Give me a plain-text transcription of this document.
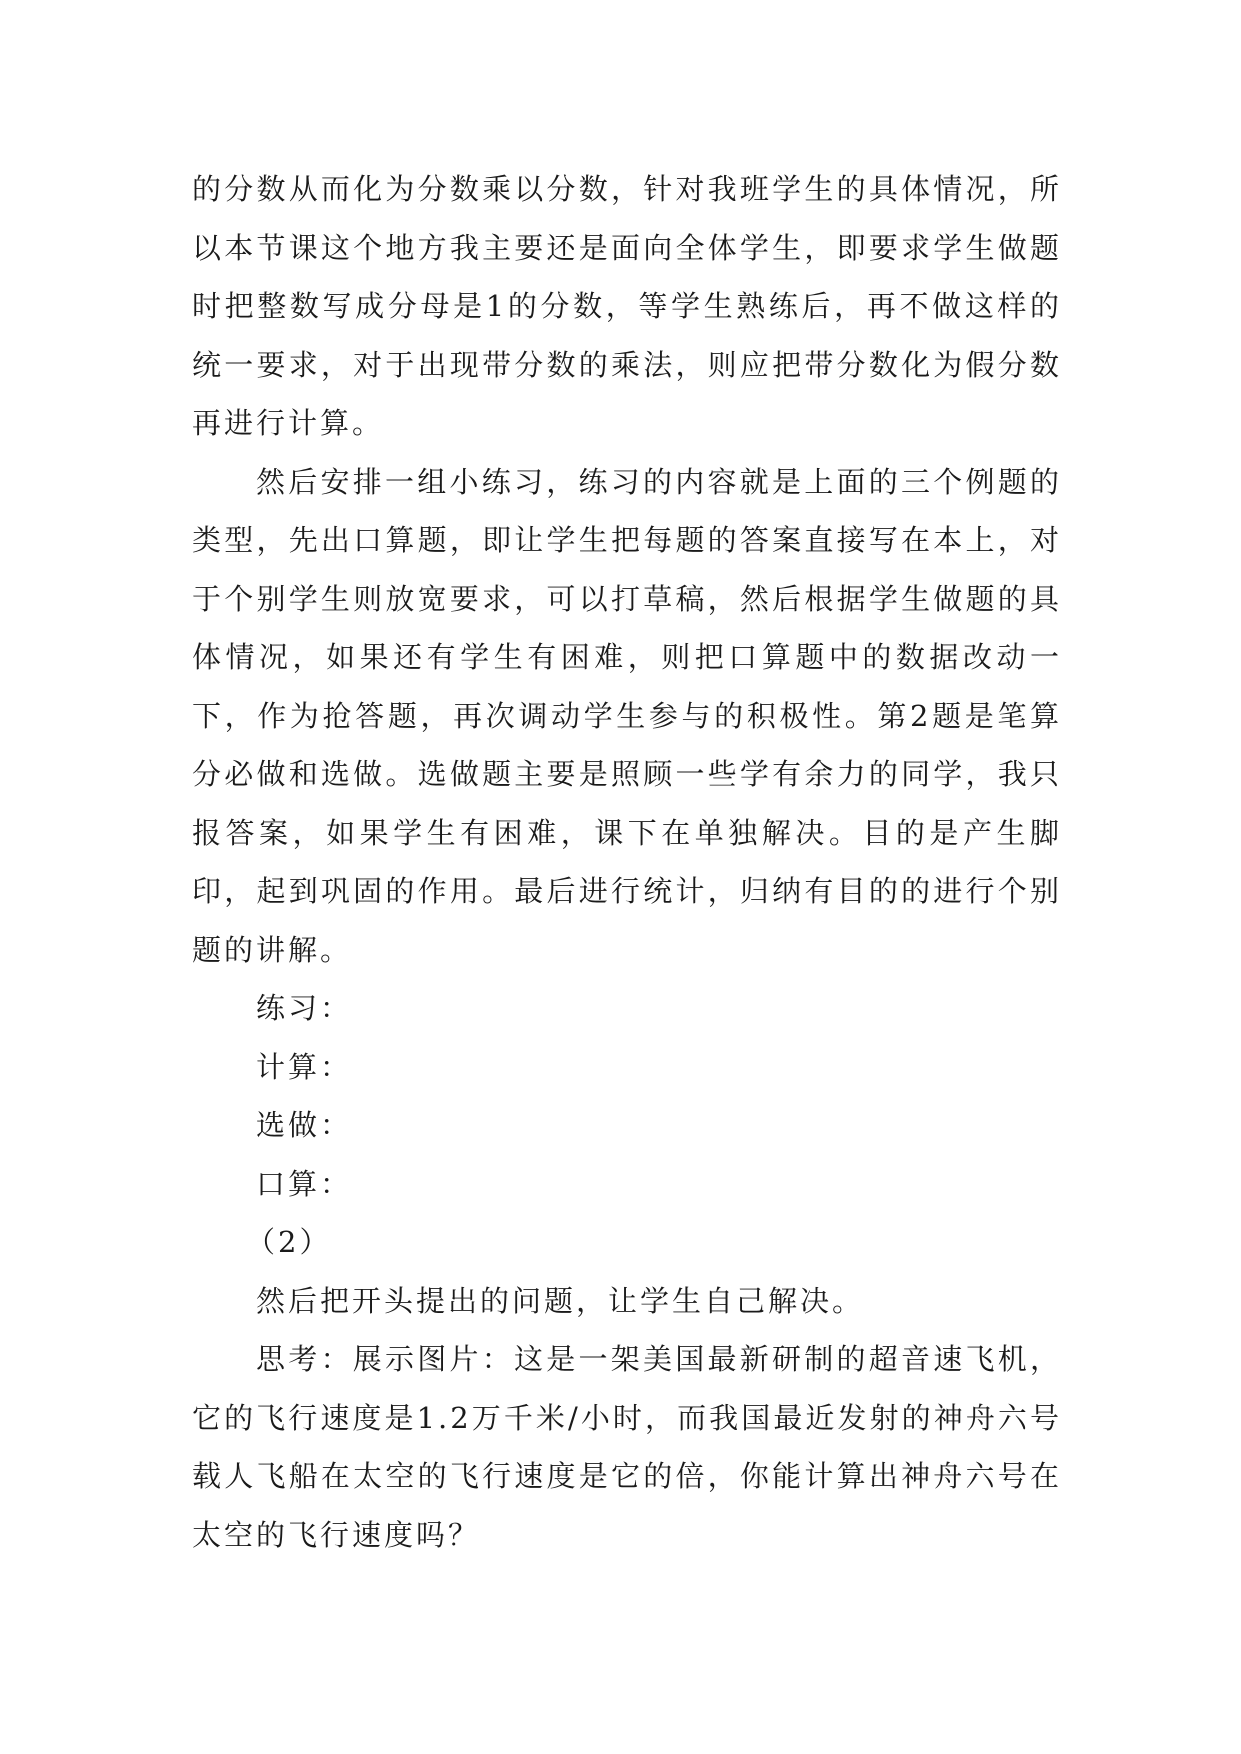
的分数从而化为分数乘以分数，针对我班学生的具体情况，所以本节课这个地方我主要还是面向全体学生，即要求学生做题时把整数写成分母是1的分数，等学生熟练后，再不做这样的统一要求，对于出现带分数的乘法，则应把带分数化为假分数再进行计算。

然后安排一组小练习，练习的内容就是上面的三个例题的类型，先出口算题，即让学生把每题的答案直接写在本上，对于个别学生则放宽要求，可以打草稿，然后根据学生做题的具体情况，如果还有学生有困难，则把口算题中的数据改动一下，作为抢答题，再次调动学生参与的积极性。第2题是笔算分必做和选做。选做题主要是照顾一些学有余力的同学，我只报答案，如果学生有困难，课下在单独解决。目的是产生脚印，起到巩固的作用。最后进行统计，归纳有目的的进行个别题的讲解。

练习：

计算：

选做：

口算：

（2）

然后把开头提出的问题，让学生自己解决。

思考：展示图片：这是一架美国最新研制的超音速飞机，它的飞行速度是1.2万千米/小时，而我国最近发射的神舟六号载人飞船在太空的飞行速度是它的倍，你能计算出神舟六号在太空的飞行速度吗？
